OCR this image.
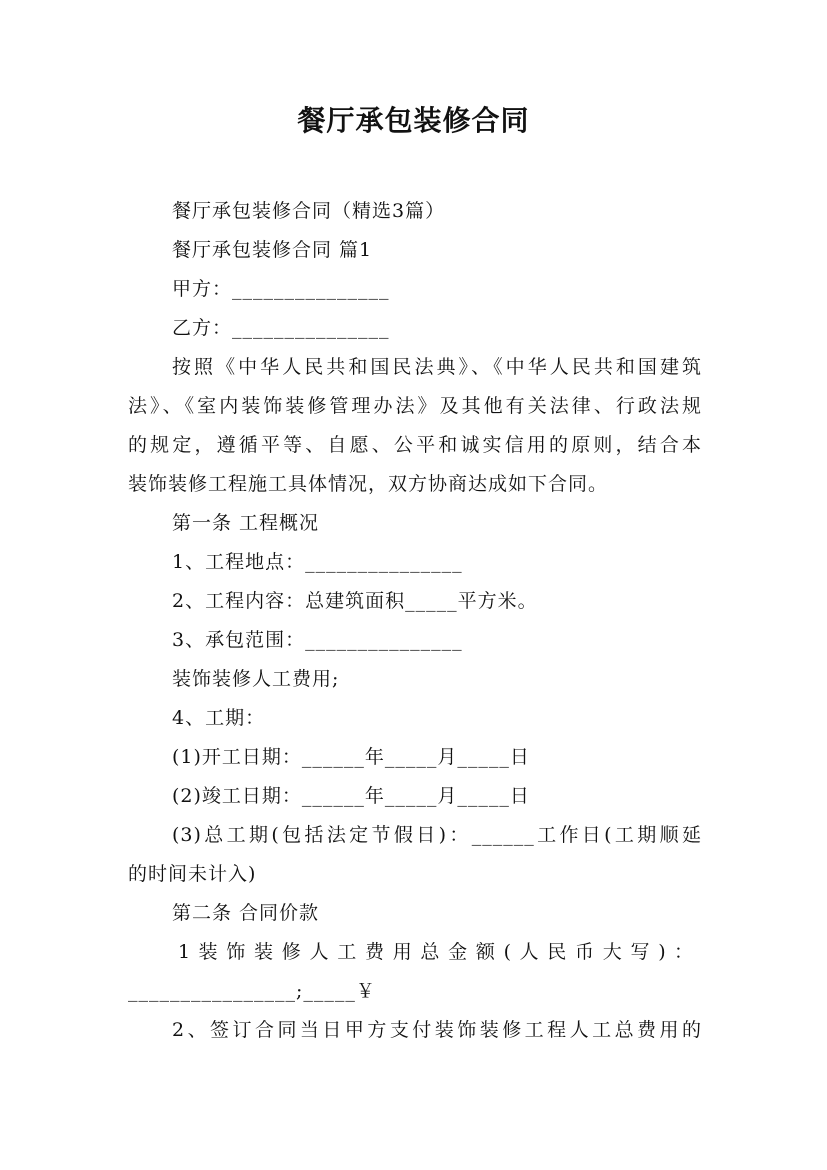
餐厅承包装修合同
餐厅承包装修合同（精选3篇）
餐厅承包装修合同 篇1
甲方：_______________
乙方：_______________
按照《中华人民共和国民法典》、《中华人民共和国建筑
法》、《室内装饰装修管理办法》及其他有关法律、行政法规
的规定，遵循平等、自愿、公平和诚实信用的原则，结合本
装饰装修工程施工具体情况，双方协商达成如下合同。
第一条 工程概况
1、工程地点：_______________
2、工程内容：总建筑面积_____平方米。
3、承包范围：_______________
装饰装修人工费用;
4、工期：
(1)开工日期：______年_____月_____日
(2)竣工日期：______年_____月_____日
(3)总工期(包括法定节假日)：______工作日(工期顺延
的时间未计入)
第二条 合同价款
1 装 饰 装 修 人 工 费 用 总 金 额 ( 人 民 币 大 写 ) ：
________________;_____￥
2、签订合同当日甲方支付装饰装修工程人工总费用的
